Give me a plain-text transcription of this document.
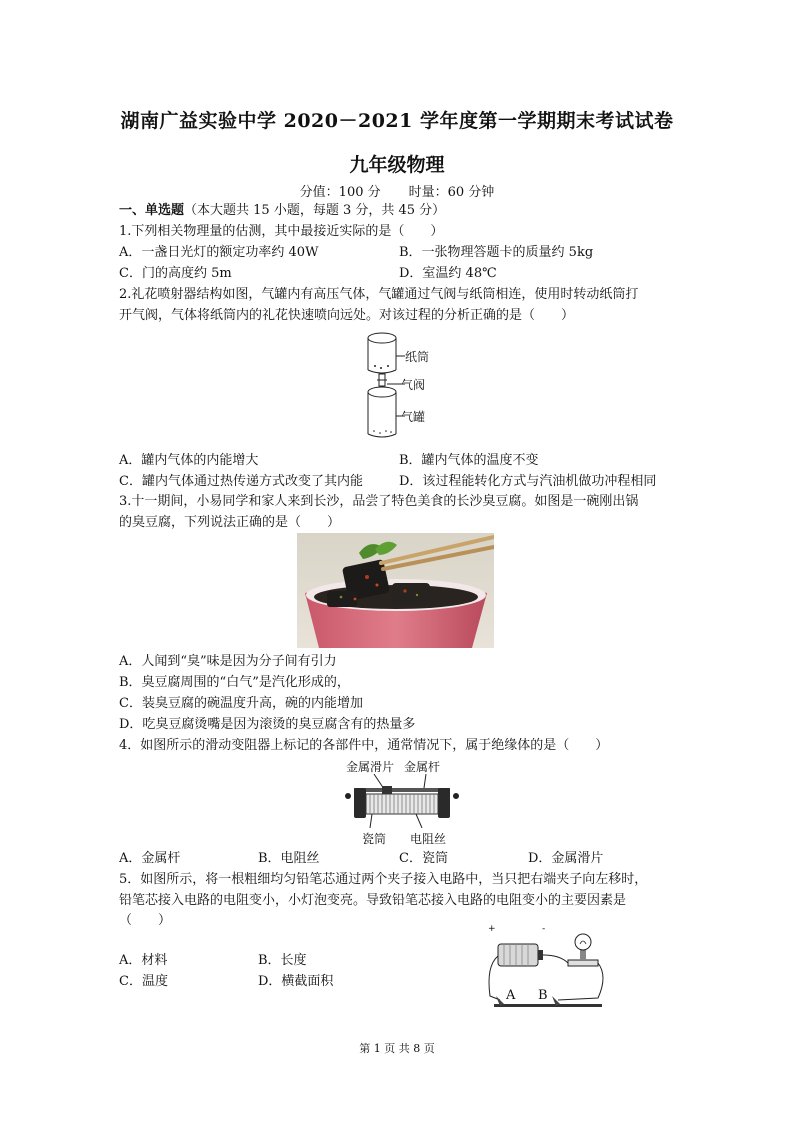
湖南广益实验中学 2020－2021 学年度第一学期期末考试试卷
九年级物理
分值：100 分 时量：60 分钟
一、单选题（本大题共 15 小题，每题 3 分，共 45 分）
1.下列相关物理量的估测，其中最接近实际的是（　　）
A．一盏日光灯的额定功率约 40W	B．一张物理答题卡的质量约 5kg
C．门的高度约 5m	D．室温约 48℃
2.礼花喷射器结构如图，气罐内有高压气体，气罐通过气阀与纸筒相连，使用时转动纸筒打
开气阀，气体将纸筒内的礼花快速喷向远处。对该过程的分析正确的是（　　）
纸筒
气阀
气罐
A．罐内气体的内能增大	B．罐内气体的温度不变
C．罐内气体通过热传递方式改变了其内能	D．该过程能转化方式与汽油机做功冲程相同
3.十一期间，小易同学和家人来到长沙，品尝了特色美食的长沙臭豆腐。如图是一碗刚出锅
的臭豆腐，下列说法正确的是（　　）
A．人闻到“臭”味是因为分子间有引力
B．臭豆腐周围的“白气”是汽化形成的，
C．装臭豆腐的碗温度升高，碗的内能增加
D．吃臭豆腐烫嘴是因为滚烫的臭豆腐含有的热量多
4．如图所示的滑动变阻器上标记的各部件中，通常情况下，属于绝缘体的是（　　）
金属滑片 金属杆
瓷筒 电阻丝
A．金属杆	B．电阻丝	C．瓷筒	D．金属滑片
5．如图所示，将一根粗细均匀铅笔芯通过两个夹子接入电路中，当只把右端夹子向左移时，
铅笔芯接入电路的电阻变小，小灯泡变亮。导致铅笔芯接入电路的电阻变小的主要因素是
（　　）
A．材料	B．长度
C．温度	D．横截面积
+	-
A B
第 1 页 共 8 页
